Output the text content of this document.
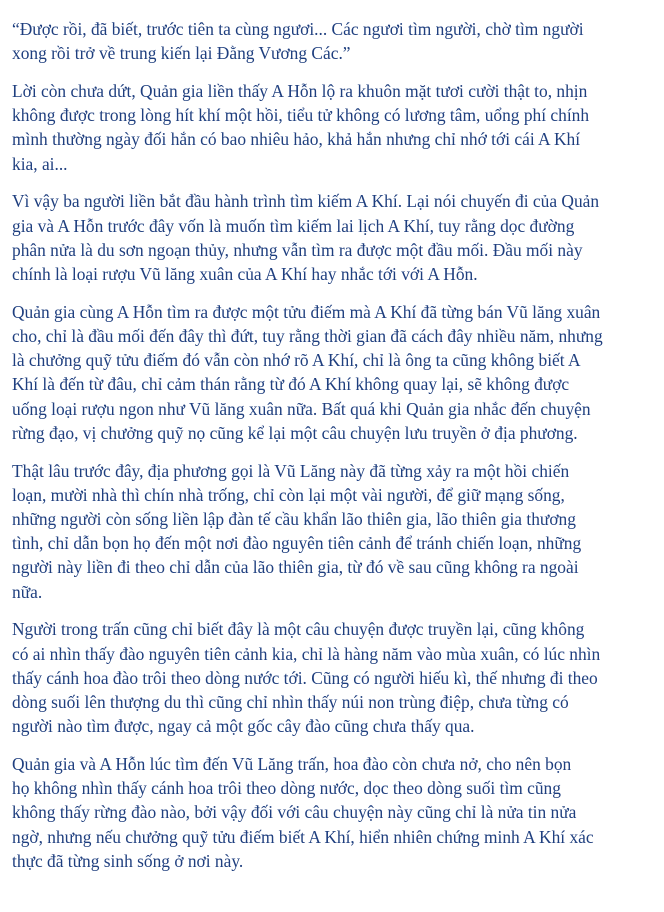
“Được rồi, đã biết, trước tiên ta cùng ngươi... Các ngươi tìm người, chờ tìm người
xong rồi trở về trung kiến lại Đằng Vương Các.”

Lời còn chưa dứt, Quản gia liền thấy A Hỗn lộ ra khuôn mặt tươi cười thật to, nhịn
không được trong lòng hít khí một hồi, tiểu tử không có lương tâm, uổng phí chính
mình thường ngày đối hắn có bao nhiêu hảo, khả hắn nhưng chỉ nhớ tới cái A Khí
kia, ai...

Vì vậy ba người liền bắt đầu hành trình tìm kiếm A Khí. Lại nói chuyến đi của Quản
gia và A Hỗn trước đây vốn là muốn tìm kiếm lai lịch A Khí, tuy rằng dọc đường
phân nửa là du sơn ngoạn thủy, nhưng vẫn tìm ra được một đầu mối. Đầu mối này
chính là loại rượu Vũ lăng xuân của A Khí hay nhắc tới với A Hỗn.

Quản gia cùng A Hỗn tìm ra được một tửu điếm mà A Khí đã từng bán Vũ lăng xuân
cho, chỉ là đầu mối đến đây thì đứt, tuy rằng thời gian đã cách đây nhiều năm, nhưng
là chưởng quỹ tửu điếm đó vẫn còn nhớ rõ A Khí, chỉ là ông ta cũng không biết A
Khí là đến từ đâu, chỉ cảm thán rằng từ đó A Khí không quay lại, sẽ không được
uống loại rượu ngon như Vũ lăng xuân nữa. Bất quá khi Quản gia nhắc đến chuyện
rừng đạo, vị chưởng quỹ nọ cũng kể lại một câu chuyện lưu truyền ở địa phương.

Thật lâu trước đây, địa phương gọi là Vũ Lăng này đã từng xảy ra một hồi chiến
loạn, mười nhà thì chín nhà trống, chỉ còn lại một vài người, để giữ mạng sống,
những người còn sống liền lập đàn tế cầu khẩn lão thiên gia, lão thiên gia thương
tình, chỉ dẫn bọn họ đến một nơi đào nguyên tiên cảnh để tránh chiến loạn, những
người này liền đi theo chỉ dẫn của lão thiên gia, từ đó về sau cũng không ra ngoài
nữa.

Người trong trấn cũng chỉ biết đây là một câu chuyện được truyền lại, cũng không
có ai nhìn thấy đào nguyên tiên cảnh kia, chỉ là hàng năm vào mùa xuân, có lúc nhìn
thấy cánh hoa đào trôi theo dòng nước tới. Cũng có người hiếu kì, thế nhưng đi theo
dòng suối lên thượng du thì cũng chỉ nhìn thấy núi non trùng điệp, chưa từng có
người nào tìm được, ngay cả một gốc cây đào cũng chưa thấy qua.

Quản gia và A Hỗn lúc tìm đến Vũ Lăng trấn, hoa đào còn chưa nở, cho nên bọn
họ không nhìn thấy cánh hoa trôi theo dòng nước, dọc theo dòng suối tìm cũng
không thấy rừng đào nào, bởi vậy đối với câu chuyện này cũng chỉ là nửa tin nửa
ngờ, nhưng nếu chưởng quỹ tửu điếm biết A Khí, hiển nhiên chứng minh A Khí xác
thực đã từng sinh sống ở nơi này.
